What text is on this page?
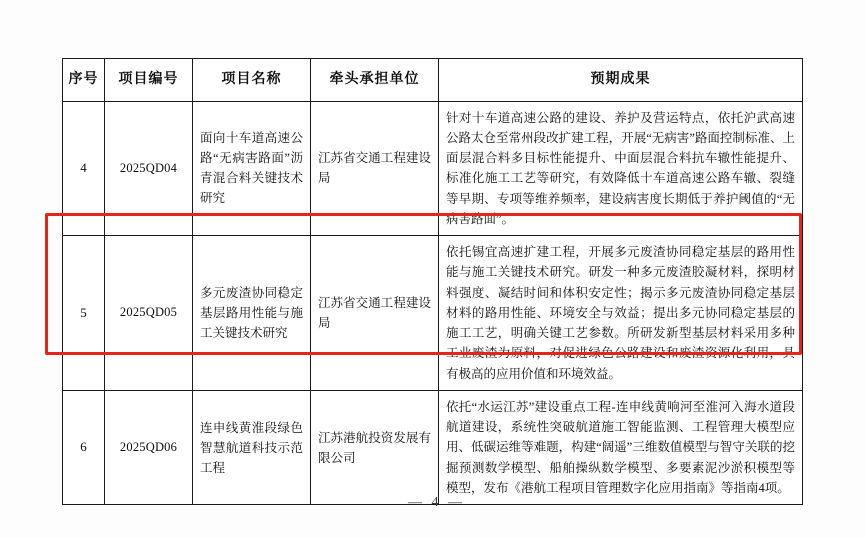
序号	项目编号	项目名称	牵头承担单位	预期成果
4	2025QD04	面向十车道高速公路“无病害路面”沥青混合料关键技术研究	江苏省交通工程建设局	针对十车道高速公路的建设、养护及营运特点，依托沪武高速公路太仓至常州段改扩建工程，开展“无病害”路面控制标准、上面层混合料多目标性能提升、中面层混合料抗车辙性能提升、标准化施工工艺等研究，有效降低十车道高速公路车辙、裂缝等早期、专项等维养频率，建设病害度长期低于养护阈值的“无病害路面”。
5	2025QD05	多元废渣协同稳定基层路用性能与施工关键技术研究	江苏省交通工程建设局	依托锡宜高速扩建工程，开展多元废渣协同稳定基层的路用性能与施工关键技术研究。研发一种多元废渣胶凝材料，探明材料强度、凝结时间和体积安定性；揭示多元废渣协同稳定基层材料的路用性能、环境安全与效益；提出多元协同稳定基层的施工工艺，明确关键工艺参数。所研发新型基层材料采用多种工业废渣为原料，对促进绿色公路建设和废渣资源化利用，具有极高的应用价值和环境效益。
6	2025QD06	连申线黄淮段绿色智慧航道科技示范工程	江苏港航投资发展有限公司	依托“水运江苏”建设重点工程-连申线黄响河至淮河入海水道段航道建设，系统性突破航道施工智能监测、工程管理大模型应用、低碳运维等难题，构建“阔遥”三维数值模型与智守关联的挖掘预测数学模型、船舶操纵数学模型、多要素泥沙淤积模型等模型，发布《港航工程项目管理数字化应用指南》等指南4项。
— 4 —
